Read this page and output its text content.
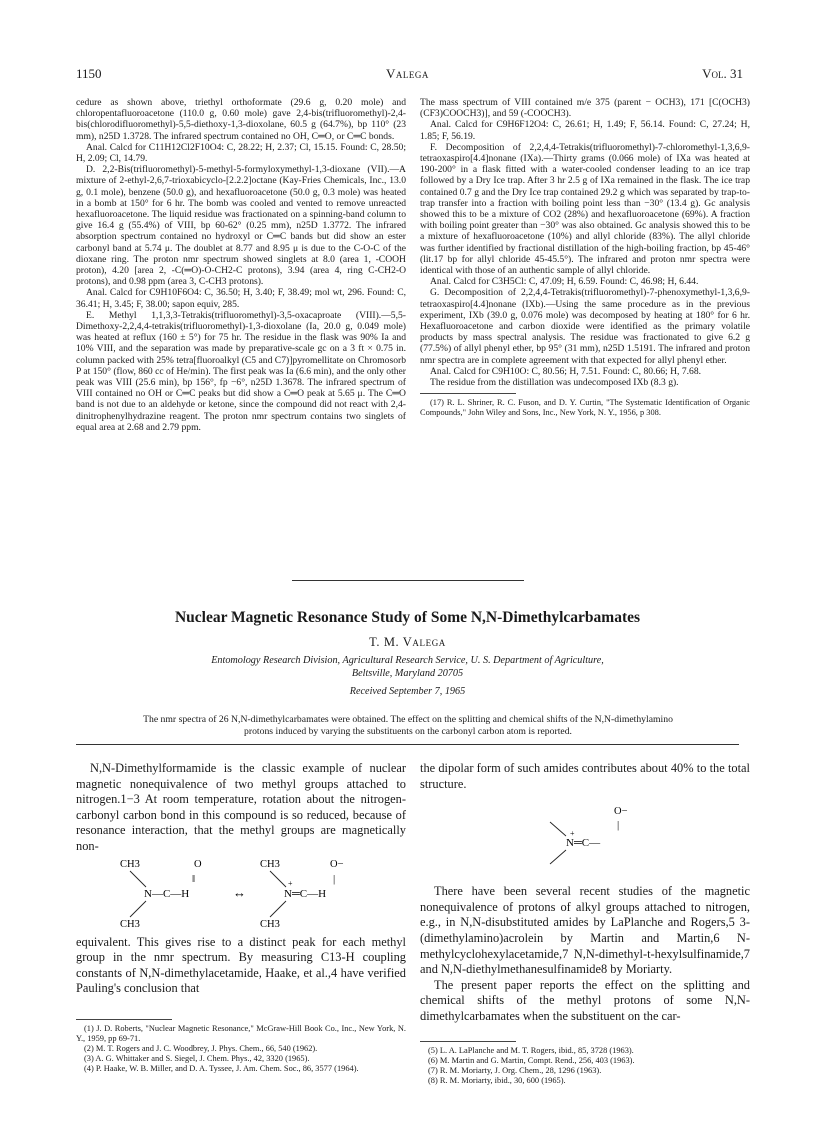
1150	Valega	Vol. 31

cedure as shown above, triethyl orthoformate (29.6 g, 0.20 mole) and chloropentafluoroacetone (110.0 g, 0.60 mole) gave 2,4-bis(trifluoromethyl)-2,4-bis(chlorodifluoromethyl)-5,5-diethoxy-1,3-dioxolane, 60.5 g (64.7%), bp 110° (23 mm), n25D 1.3728. The infrared spectrum contained no OH, C═O, or C═C bonds.

Anal. Calcd for C11H12Cl2F10O4: C, 28.22; H, 2.37; Cl, 15.15. Found: C, 28.50; H, 2.09; Cl, 14.79.

D. 2,2-Bis(trifluoromethyl)-5-methyl-5-formyloxymethyl-1,3-dioxane (VII).—A mixture of 2-ethyl-2,6,7-trioxabicyclo-[2.2.2]octane (Kay-Fries Chemicals, Inc., 13.0 g, 0.1 mole), benzene (50.0 g), and hexafluoroacetone (50.0 g, 0.3 mole) was heated in a bomb at 150° for 6 hr. The bomb was cooled and vented to remove unreacted hexafluoroacetone. The liquid residue was fractionated on a spinning-band column to give 16.4 g (55.4%) of VIII, bp 60-62° (0.25 mm), n25D 1.3772. The infrared absorption spectrum contained no hydroxyl or C═C bands but did show an ester carbonyl band at 5.74 μ. The doublet at 8.77 and 8.95 μ is due to the C-O-C of the dioxane ring. The proton nmr spectrum showed singlets at 8.0 (area 1, -COOH proton), 4.20 [area 2, -C(═O)-O-CH2-C protons), 3.94 (area 4, ring C-CH2-O protons), and 0.98 ppm (area 3, C-CH3 protons).

Anal. Calcd for C9H10F6O4: C, 36.50; H, 3.40; F, 38.49; mol wt, 296. Found: C, 36.41; H, 3.45; F, 38.00; sapon equiv, 285.

E. Methyl 1,1,3,3-Tetrakis(trifluoromethyl)-3,5-oxacaproate (VIII).—5,5-Dimethoxy-2,2,4,4-tetrakis(trifluoromethyl)-1,3-dioxolane (Ia, 20.0 g, 0.049 mole) was heated at reflux (160 ± 5°) for 75 hr. The residue in the flask was 90% Ia and 10% VIII, and the separation was made by preparative-scale gc on a 3 ft × 0.75 in. column packed with 25% tetra[fluoroalkyl (C5 and C7)]pyromellitate on Chromosorb P at 150° (flow, 860 cc of He/min). The first peak was Ia (6.6 min), and the only other peak was VIII (25.6 min), bp 156°, fp −6°, n25D 1.3678. The infrared spectrum of VIII contained no OH or C═C peaks but did show a C═O peak at 5.65 μ. The C═O band is not due to an aldehyde or ketone, since the compound did not react with 2,4-dinitrophenylhydrazine reagent. The proton nmr spectrum contains two singlets of equal area at 2.68 and 2.79 ppm.

The mass spectrum of VIII contained m/e 375 (parent − OCH3), 171 [C(OCH3)(CF3)COOCH3)], and 59 (-COOCH3).

Anal. Calcd for C9H6F12O4: C, 26.61; H, 1.49; F, 56.14. Found: C, 27.24; H, 1.85; F, 56.19.

F. Decomposition of 2,2,4,4-Tetrakis(trifluoromethyl)-7-chloromethyl-1,3,6,9-tetraoxaspiro[4.4]nonane (IXa).—Thirty grams (0.066 mole) of IXa was heated at 190-200° in a flask fitted with a water-cooled condenser leading to an ice trap followed by a Dry Ice trap. After 3 hr 2.5 g of IXa remained in the flask. The ice trap contained 0.7 g and the Dry Ice trap contained 29.2 g which was separated by trap-to-trap transfer into a fraction with boiling point less than −30° (13.4 g). Gc analysis showed this to be a mixture of CO2 (28%) and hexafluoroacetone (69%). A fraction with boiling point greater than −30° was also obtained. Gc analysis showed this to be a mixture of hexafluoroacetone (10%) and allyl chloride (83%). The allyl chloride was further identified by fractional distillation of the high-boiling fraction, bp 45-46° (lit.17 bp for allyl chloride 45-45.5°). The infrared and proton nmr spectra were identical with those of an authentic sample of allyl chloride.

Anal. Calcd for C3H5Cl: C, 47.09; H, 6.59. Found: C, 46.98; H, 6.44.

G. Decomposition of 2,2,4,4-Tetrakis(trifluoromethyl)-7-phenoxymethyl-1,3,6,9-tetraoxaspiro[4.4]nonane (IXb).—Using the same procedure as in the previous experiment, IXb (39.0 g, 0.076 mole) was decomposed by heating at 180° for 6 hr. Hexafluoroacetone and carbon dioxide were identified as the primary volatile products by mass spectral analysis. The residue was fractionated to give 6.2 g (77.5%) of allyl phenyl ether, bp 95° (31 mm), n25D 1.5191. The infrared and proton nmr spectra are in complete agreement with that expected for allyl phenyl ether.

Anal. Calcd for C9H10O: C, 80.56; H, 7.51. Found: C, 80.66; H, 7.68.

The residue from the distillation was undecomposed IXb (8.3 g).

(17) R. L. Shriner, R. C. Fuson, and D. Y. Curtin, "The Systematic Identification of Organic Compounds," John Wiley and Sons, Inc., New York, N. Y., 1956, p 308.

Nuclear Magnetic Resonance Study of Some N,N-Dimethylcarbamates
T. M. Valega
Entomology Research Division, Agricultural Research Service, U. S. Department of Agriculture,
Beltsville, Maryland 20705
Received September 7, 1965
The nmr spectra of 26 N,N-dimethylcarbamates were obtained. The effect on the splitting and chemical shifts of the N,N-dimethylamino protons induced by varying the substituents on the carbonyl carbon atom is reported.

N,N-Dimethylformamide is the classic example of nuclear magnetic nonequivalence of two methyl groups attached to nitrogen.1−3 At room temperature, rotation about the nitrogen-carbonyl carbon bond in this compound is so reduced, because of resonance interaction, that the methyl groups are magnetically non-

CH3	O
‖
N—C—H
CH3
↔
CH3	O−
|
+
N═C—H
CH3

equivalent. This gives rise to a distinct peak for each methyl group in the nmr spectrum. By measuring C13-H coupling constants of N,N-dimethylacetamide, Haake, et al.,4 have verified Pauling's conclusion that

the dipolar form of such amides contributes about 40% to the total structure.

O−
|
+
N═C—

There have been several recent studies of the magnetic nonequivalence of protons of alkyl groups attached to nitrogen, e.g., in N,N-disubstituted amides by LaPlanche and Rogers,5 3-(dimethylamino)acrolein by Martin and Martin,6 N-methylcyclohexylacetamide,7 N,N-dimethyl-t-hexylsulfinamide,7 and N,N-diethylmethanesulfinamide8 by Moriarty.

The present paper reports the effect on the splitting and chemical shifts of the methyl protons of some N,N-dimethylcarbamates when the substituent on the car-

(1) J. D. Roberts, "Nuclear Magnetic Resonance," McGraw-Hill Book Co., Inc., New York, N. Y., 1959, pp 69-71.

(2) M. T. Rogers and J. C. Woodbrey, J. Phys. Chem., 66, 540 (1962).

(3) A. G. Whittaker and S. Siegel, J. Chem. Phys., 42, 3320 (1965).

(4) P. Haake, W. B. Miller, and D. A. Tyssee, J. Am. Chem. Soc., 86, 3577 (1964).

(5) L. A. LaPlanche and M. T. Rogers, ibid., 85, 3728 (1963).

(6) M. Martin and G. Martin, Compt. Rend., 256, 403 (1963).

(7) R. M. Moriarty, J. Org. Chem., 28, 1296 (1963).

(8) R. M. Moriarty, ibid., 30, 600 (1965).
